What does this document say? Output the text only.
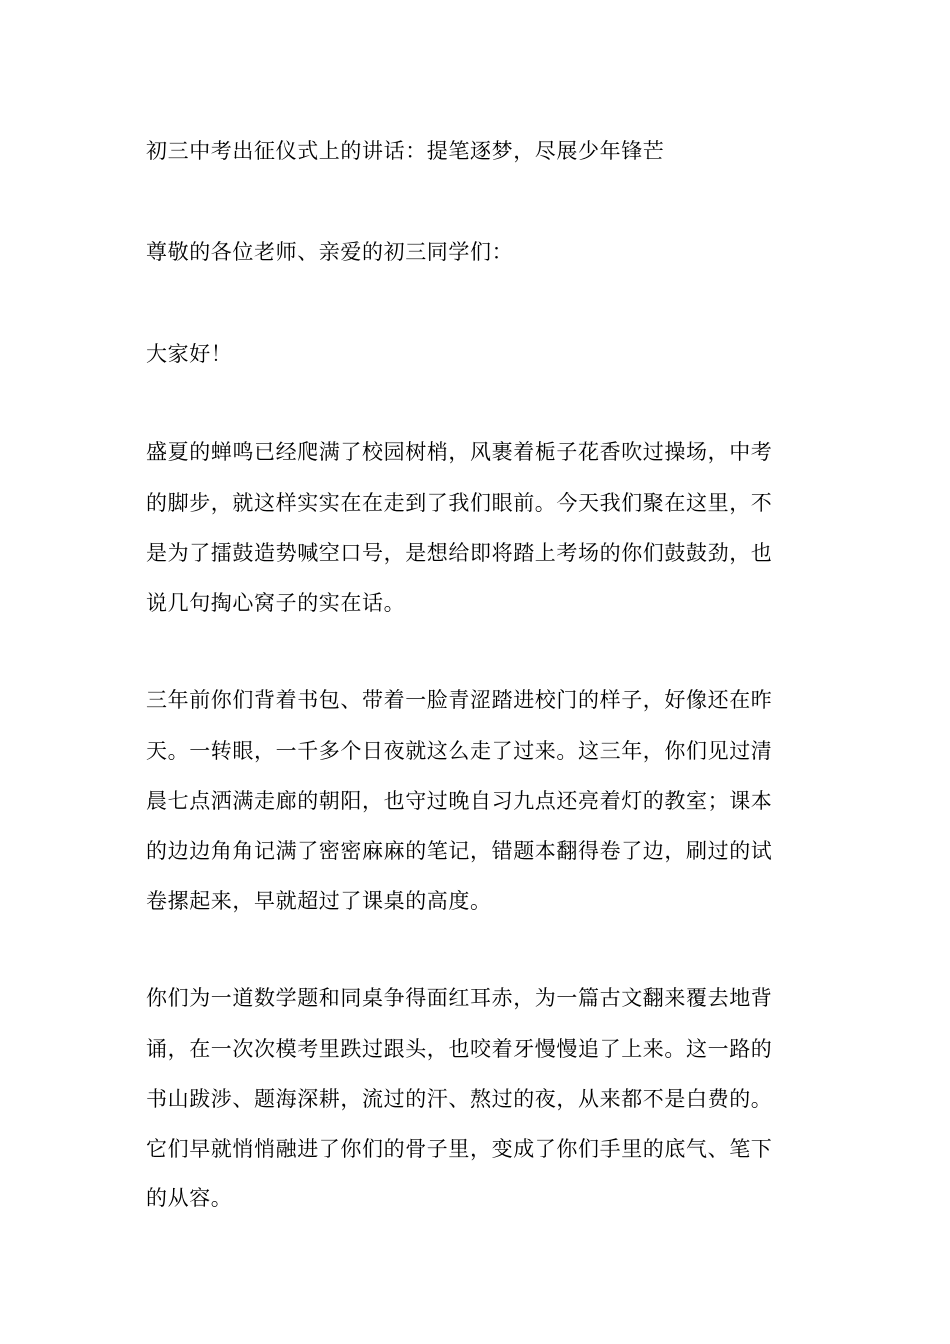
初三中考出征仪式上的讲话：提笔逐梦，尽展少年锋芒
尊敬的各位老师、亲爱的初三同学们：
大家好！
盛夏的蝉鸣已经爬满了校园树梢，风裹着栀子花香吹过操场，中考
的脚步，就这样实实在在走到了我们眼前。今天我们聚在这里，不
是为了擂鼓造势喊空口号，是想给即将踏上考场的你们鼓鼓劲，也
说几句掏心窝子的实在话。
三年前你们背着书包、带着一脸青涩踏进校门的样子，好像还在昨
天。一转眼，一千多个日夜就这么走了过来。这三年，你们见过清
晨七点洒满走廊的朝阳，也守过晚自习九点还亮着灯的教室；课本
的边边角角记满了密密麻麻的笔记，错题本翻得卷了边，刷过的试
卷摞起来，早就超过了课桌的高度。
你们为一道数学题和同桌争得面红耳赤，为一篇古文翻来覆去地背
诵，在一次次模考里跌过跟头，也咬着牙慢慢追了上来。这一路的
书山跋涉、题海深耕，流过的汗、熬过的夜，从来都不是白费的。
它们早就悄悄融进了你们的骨子里，变成了你们手里的底气、笔下
的从容。
